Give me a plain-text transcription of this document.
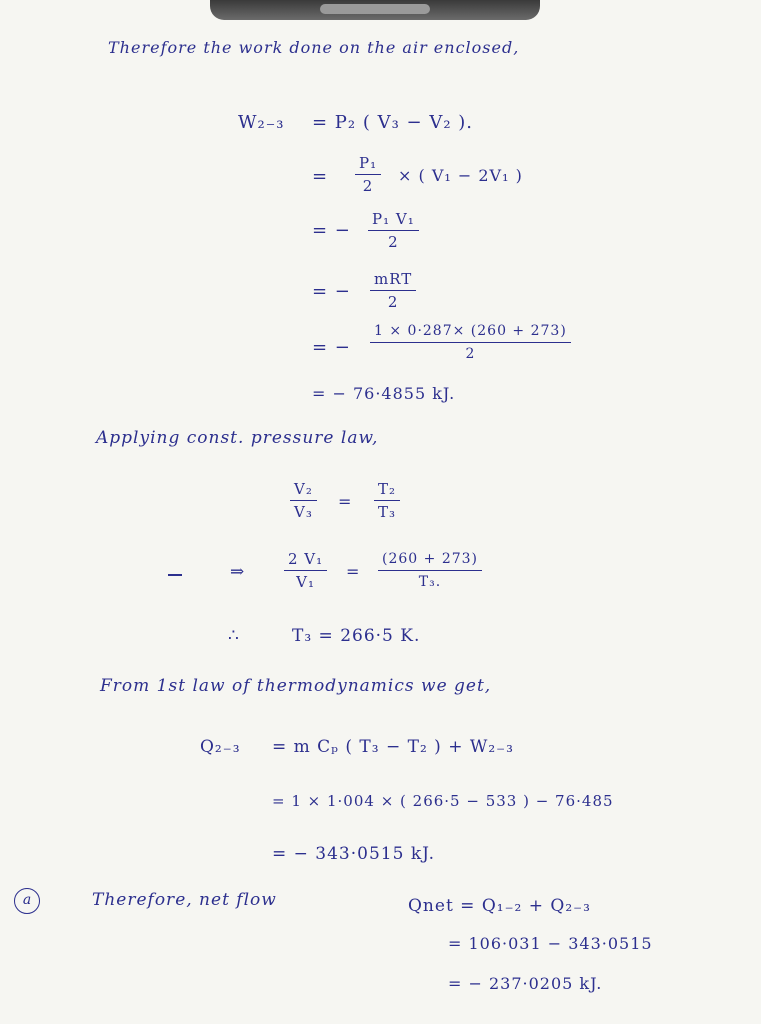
Therefore the work done on the air enclosed,
W₂₋₃ = P₂ ( V₃ − V₂ ).
= $\frac{\text{P₁}}{2}$ × ( V₁ − 2V₁ )
= − $\frac{\text{P₁ V₁}}{2}$
= −
mRT
2
= − $\frac{1 \times 0\cdot 287\times (260 + 273)}{2}$
= − 76·4855 kJ.
Applying const. pressure law,
$\frac{\text{V₂}}{\text{V₃}} = \frac{\text{T₂}}{\text{T₃}}$
⇒	$\frac{\text{2 V₁}}{\text{V₁}} = \frac{(260 + 273)}{\text{T₃.}}$
∴	T₃ = 266·5 K.
From 1st law of thermodynamics we get,
Q₂₋₃ = m Cₚ ( T₃ − T₂ ) + W₂₋₃
= 1 × 1·004 × ( 266·5 − 533 ) − 76·485
= − 343·0515 kJ.
a	Therefore, net flow	Qnet = Q₁₋₂ + Q₂₋₃
= 106·031 − 343·0515
= − 237·0205 kJ.
